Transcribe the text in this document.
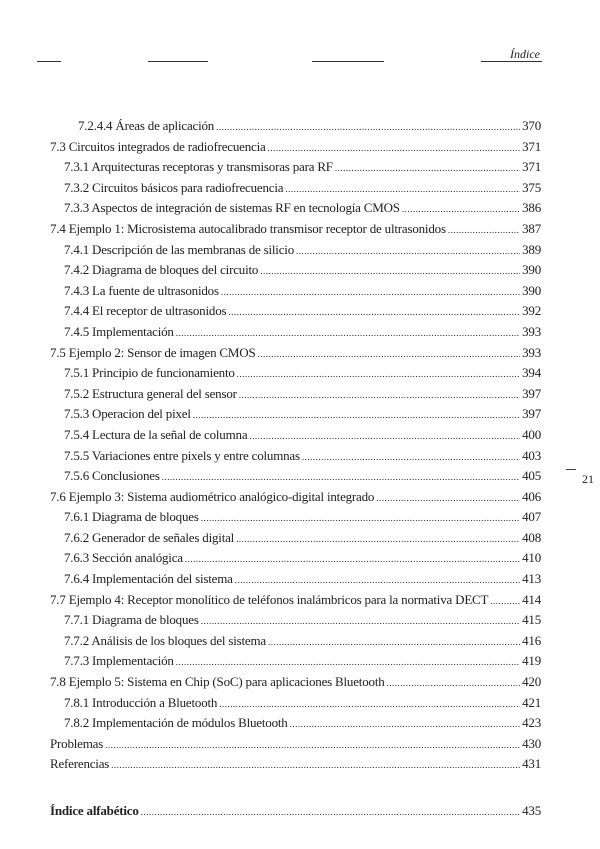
Índice
7.2.4.4 Áreas de aplicación .....	370
7.3 Circuitos integrados de radiofrecuencia .....	371
7.3.1 Arquitecturas receptoras y transmisoras para RF .....	371
7.3.2 Circuitos básicos para radiofrecuencia .....	375
7.3.3 Aspectos de integración de sistemas RF en tecnología CMOS .....	386
7.4 Ejemplo 1: Microsistema autocalibrado transmisor receptor de ultrasonidos .....	387
7.4.1 Descripción de las membranas de silicio .....	389
7.4.2 Diagrama de bloques del circuito .....	390
7.4.3 La fuente de ultrasonidos .....	390
7.4.4 El receptor de ultrasonidos .....	392
7.4.5 Implementación .....	393
7.5 Ejemplo 2: Sensor de imagen CMOS .....	393
7.5.1 Principio de funcionamiento .....	394
7.5.2 Estructura general del sensor .....	397
7.5.3 Operacion del pixel .....	397
7.5.4 Lectura de la señal de columna .....	400
7.5.5 Variaciones entre pixels y entre columnas .....	403
7.5.6 Conclusiones .....	405
7.6 Ejemplo 3: Sistema audiométrico analógico-digital integrado .....	406
7.6.1 Diagrama de bloques .....	407
7.6.2 Generador de señales digital .....	408
7.6.3 Sección analógica .....	410
7.6.4 Implementación del sistema .....	413
7.7 Ejemplo 4: Receptor monolítico de teléfonos inalámbricos para la normativa DECT .....	414
7.7.1 Diagrama de bloques .....	415
7.7.2 Análisis de los bloques del sistema .....	416
7.7.3 Implementación .....	419
7.8 Ejemplo 5: Sistema en Chip (SoC) para aplicaciones Bluetooth .....	420
7.8.1 Introducción a Bluetooth .....	421
7.8.2 Implementación de módulos Bluetooth .....	423
Problemas .....	430
Referencias .....	431
Índice alfabético .....	435
21
